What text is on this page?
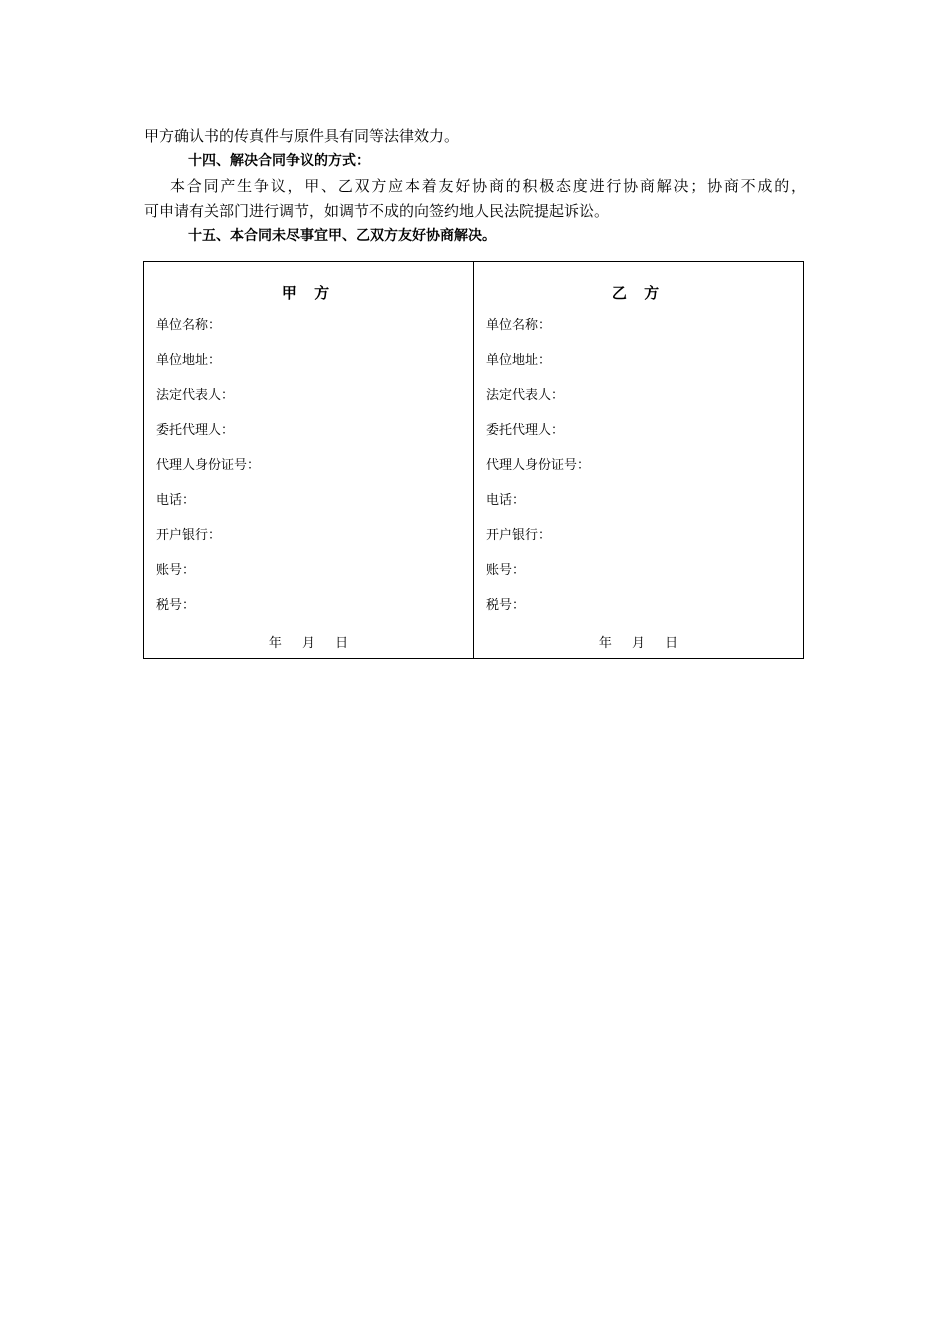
甲方确认书的传真件与原件具有同等法律效力。

十四、解决合同争议的方式：

本合同产生争议，甲、乙双方应本着友好协商的积极态度进行协商解决；协商不成的，

可申请有关部门进行调节，如调节不成的向签约地人民法院提起诉讼。

十五、本合同未尽事宜甲、乙双方友好协商解决。

甲 方
单位名称：
单位地址：
法定代表人：
委托代理人：
代理人身份证号：
电话：
开户银行：
账号：
税号：
年 月 日
乙 方
单位名称：
单位地址：
法定代表人：
委托代理人：
代理人身份证号：
电话：
开户银行：
账号：
税号：
年 月 日
